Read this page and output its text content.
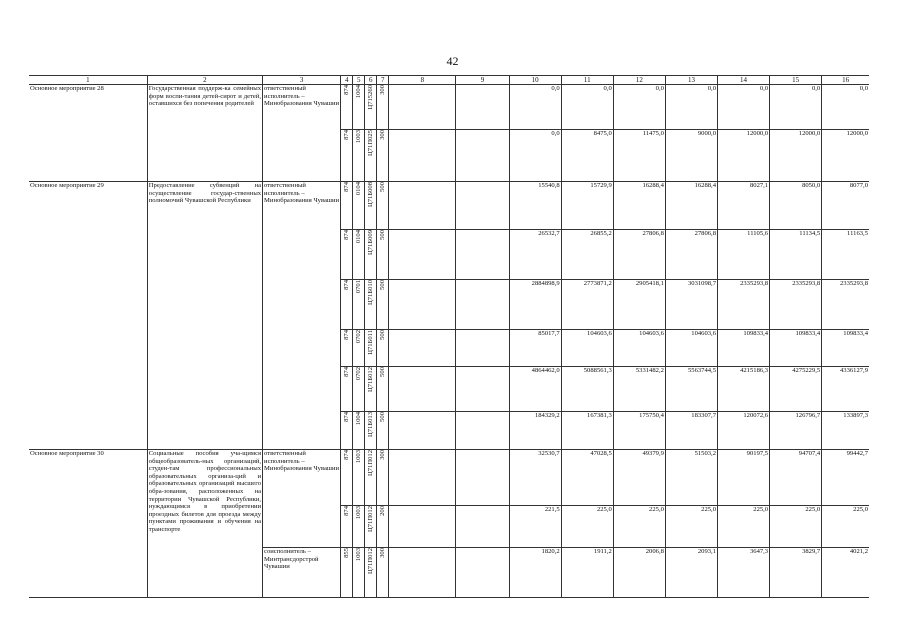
42
1	2	3	4	5	6	7	8	9	10	11	12	13	14	15	16
Основное мероприятие 28	Государственная поддерж-ка семейных форм воспи-тания детей-сирот и детей, оставшихся без попечения родителей	ответственный исполнитель – Минобразования Чувашии	874	1004	Ц715260	300			0,0	0,0	0,0	0,0	0,0	0,0	0,0

			874	1003	Ц71П025	300			0,0	8475,0	11475,0	9000,0	12000,0	12000,0	12000,0
Основное мероприятие 29	Предоставление субвенций на осуществление государ-ственных полномочий Чувашской Республики	ответственный исполнитель – Минобразования Чувашии	874	0104	Ц71Б008	500			15540,8	15729,9	16288,4	16288,4	8027,1	8050,0	8077,0

			874	0104	Ц71Б009	500			26532,7	26855,2	27806,8	27806,8	11105,6	11134,5	11163,5

			874	0701	Ц71Б010	500			2884898,9	2773871,2	2905418,1	3031098,7	2335293,8	2335293,8	2335293,8

			874	0702	Ц71Б011	500			85017,7	104603,6	104603,6	104603,6	109833,4	109833,4	109833,4

			874	0702	Ц71Б012	500			4864462,0	5088561,3	5331482,2	5563744,5	4215186,3	4275229,5	4336127,9

			874	1004	Ц71Б013	500			184329,2	167381,3	175750,4	183307,7	120072,6	126796,7	133897,3
Основное мероприятие 30	Социальные пособия уча-щимся общеобразователь-ных организаций, студен-там профессиональных образовательных организа-ций и образовательных организаций высшего обра-зования, расположенных на территории Чувашской Республики, нуждающимся в приобретении проездных билетов для проезда между пунктами проживания и обучения на транспорте	ответственный исполнитель – Минобразования Чувашии	874	1003	Ц71П012	300			32530,7	47028,5	49379,9	51503,2	90197,5	94707,4	99442,7

			874	1003	Ц71П012	200			221,5	225,0	225,0	225,0	225,0	225,0	225,0
		соисполнитель – Минтрансдорстрой Чувашии	855	1003	Ц71П012	300			1820,2	1911,2	2006,8	2093,1	3647,3	3829,7	4021,2
